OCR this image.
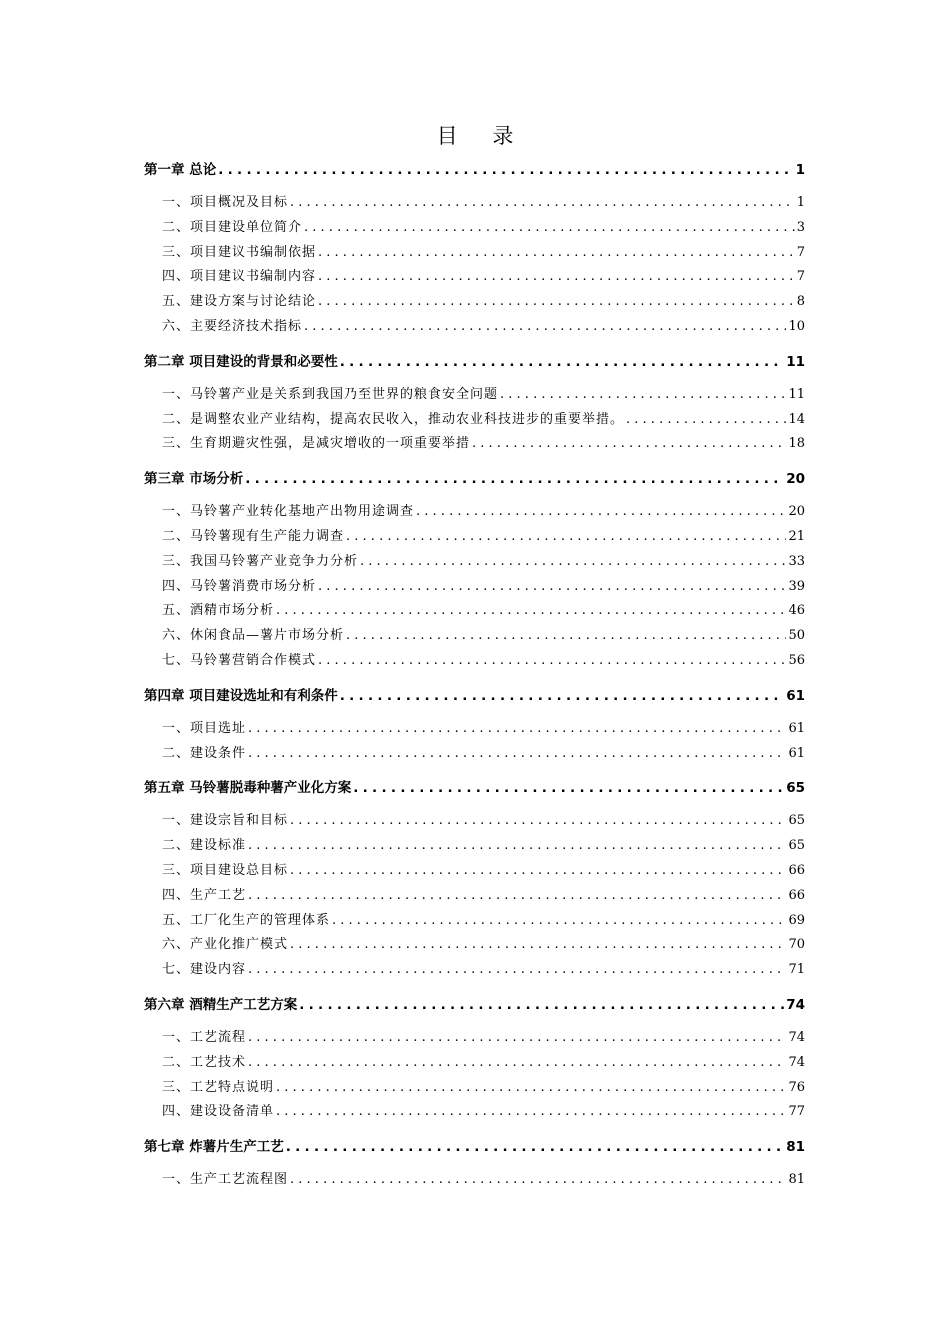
目 录
第一章 总论 . . .	1
一、项目概况及目标 . . .	1
二、项目建设单位简介 . . .	3
三、项目建议书编制依据 . . .	7
四、项目建议书编制内容 . . .	7
五、建设方案与讨论结论 . . .	8
六、主要经济技术指标 . . .	10
第二章 项目建设的背景和必要性 . . .	11
一、马铃薯产业是关系到我国乃至世界的粮食安全问题 . . .	11
二、是调整农业产业结构，提高农民收入，推动农业科技进步的重要举措。 . . .	14
三、生育期避灾性强，是减灾增收的一项重要举措 . . .	18
第三章 市场分析 . . .	20
一、马铃薯产业转化基地产出物用途调查 . . .	20
二、马铃薯现有生产能力调查 . . .	21
三、我国马铃薯产业竞争力分析 . . .	33
四、马铃薯消费市场分析 . . .	39
五、酒精市场分析 . . .	46
六、休闲食品—薯片市场分析 . . .	50
七、马铃薯营销合作模式 . . .	56
第四章 项目建设选址和有利条件 . . .	61
一、项目选址 . . .	61
二、建设条件 . . .	61
第五章 马铃薯脱毒种薯产业化方案 . . .	65
一、建设宗旨和目标 . . .	65
二、建设标准 . . .	65
三、项目建设总目标 . . .	66
四、生产工艺 . . .	66
五、工厂化生产的管理体系 . . .	69
六、产业化推广模式 . . .	70
七、建设内容 . . .	71
第六章 酒精生产工艺方案 . . .	74
一、工艺流程 . . .	74
二、工艺技术 . . .	74
三、工艺特点说明 . . .	76
四、建设设备清单 . . .	77
第七章 炸薯片生产工艺 . . .	81
一、生产工艺流程图 . . .	81
